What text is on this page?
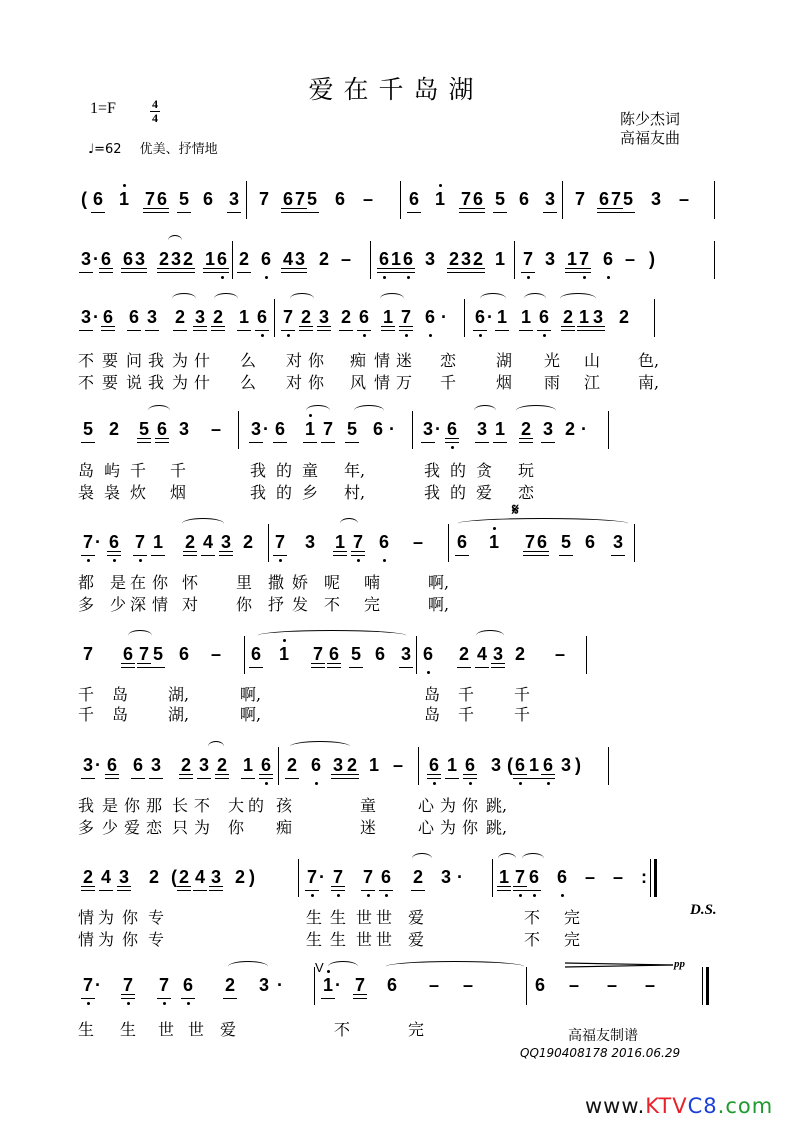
爱在千岛湖
1=F	4
4
♩=62 优美、抒情地
陈少杰词
高福友曲
( 6 1 7 6 5 6 3 7 6 7 5 6 – 6 1 7 6 5 6 3 7 6 7 5 3 –
3 · 6 6 3 2 3 2 1 6 2 6 4 3 2 – 6 1 6 3 2 3 2 1 7 3 1 7 6 – )
3 · 6 6 3 2 3 2 1 6 7 2 3 2 6 1 7 6 · 6 · 1 1 6 2 1 3 2
5 2 5 6 3 – 3 · 6 1 7 5 6 · 3 · 6 3 1 2 3 2 ·
7 · 6 7 1 2 4 3 2 7 3 1 7 6 – 6 1 7 6 5 6 3
7 6 7 5 6 – 6 1 7 6 5 6 3 6 2 4 3 2 –
3 · 6 6 3 2 3 2 1 6 2 6 3 2 1 – 6 1 6 3 ( 6 1 6 3 )
2 4 3 2 ( 2 4 3 2 )	7 · 7 7 6 2 3 · 1 7 6 6 – – :
7 · 7 7 6 2 3 · 1 · 7 6 – –	6 – – –
不 要 问 我 为 什 么 对 你 痴 情 迷 恋 湖 光 山 色,
不 要 说 我 为 什 么 对 你 风 情 万 千 烟 雨 江 南,
岛 屿 千 千	我 的 童 年,	我 的 贪 玩
袅 袅 炊 烟	我 的 乡 村,	我 的 爱 恋
都 是 在 你 怀 里 撒 娇 呢 喃	啊,
多 少 深 情 对 你 抒 发 不 完	啊,
千 岛 湖,	啊,	岛 千 千
千 岛 湖,	啊,	岛 千 千
我 是 你 那 长 不 大 的 孩	童	心 为 你 跳,
多 少 爱 恋 只 为 你 痴	迷	心 为 你 跳,
情 为 你 专	生 生 世 世 爱	不 完
情 为 你 专	生 生 世 世 爱	不 完
生 生 世 世 爱	不	完
𝄋
D.S.
V	pp
高福友制谱
QQ190408178 2016.06.29
www.KTVC8.com
